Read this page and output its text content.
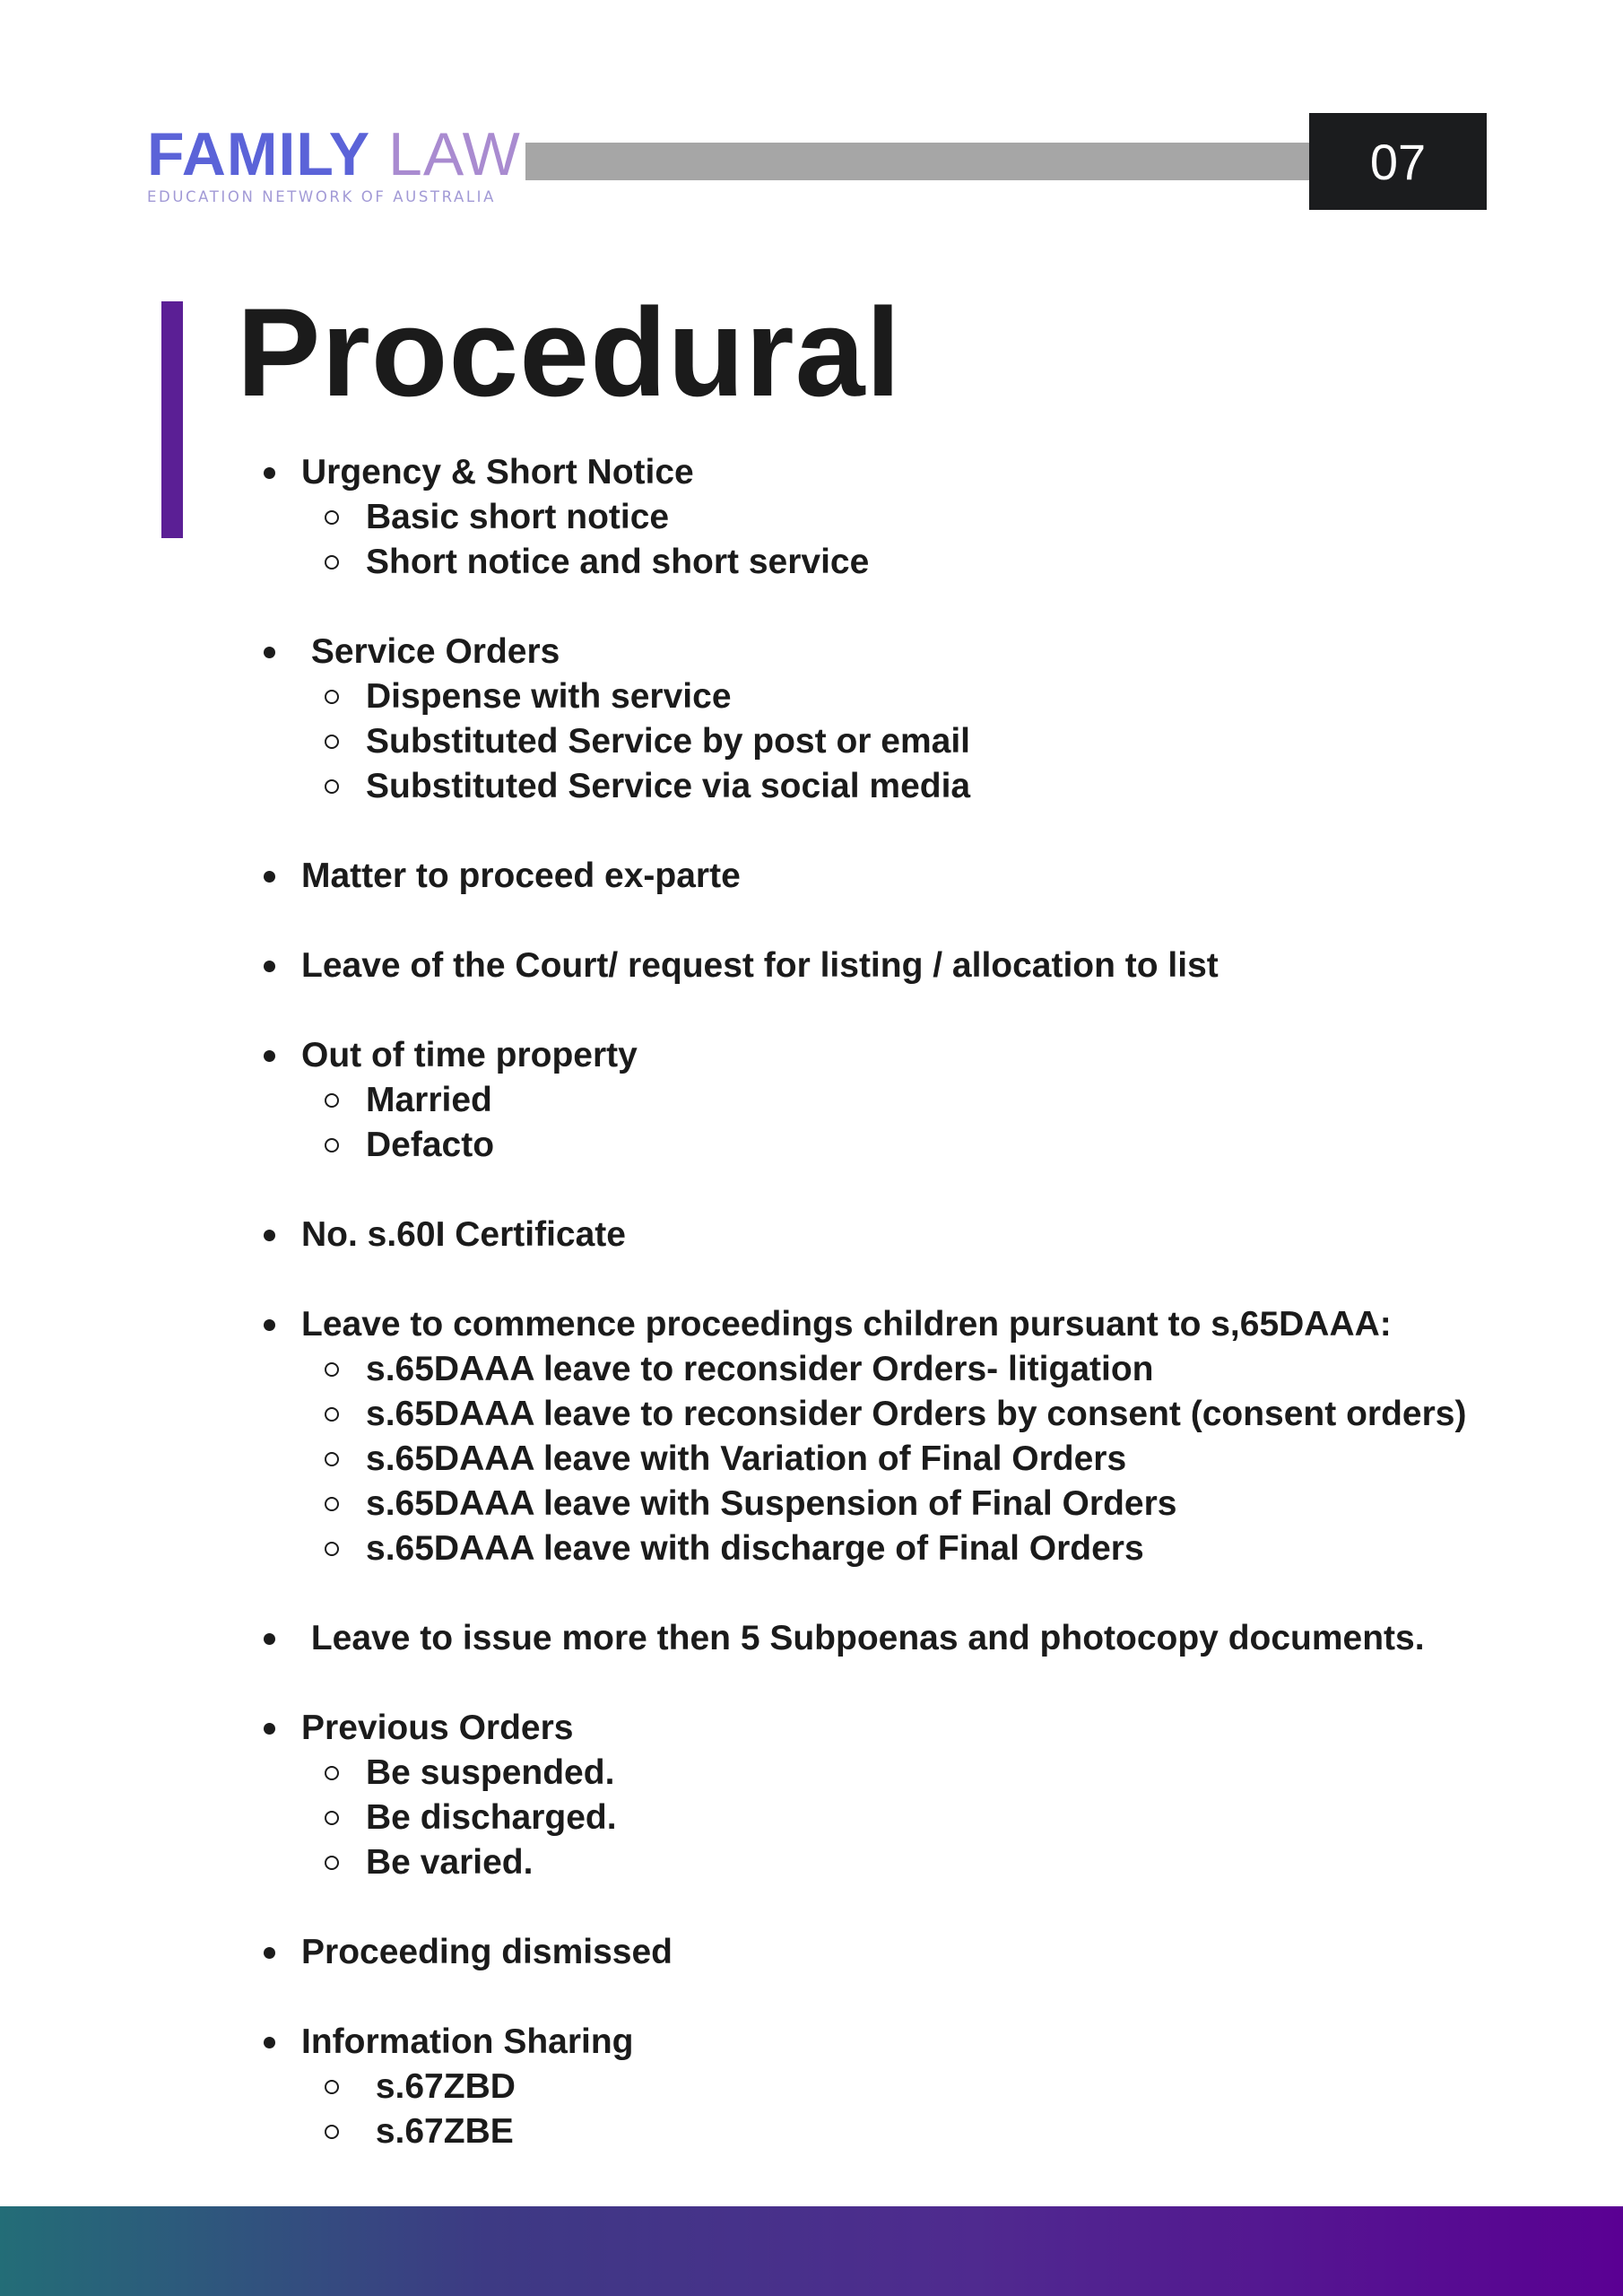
FAMILY LAW
EDUCATION NETWORK OF AUSTRALIA
07
Procedural
Urgency & Short Notice
Basic short notice
Short notice and short service
Service Orders
Dispense with service
Substituted Service by post or email
Substituted Service via social media
Matter to proceed ex-parte
Leave of the Court/ request for listing / allocation to list
Out of time property
Married
Defacto
No. s.60I Certificate
Leave to commence proceedings children pursuant to s,65DAAA:
s.65DAAA leave to reconsider Orders- litigation
s.65DAAA leave to reconsider Orders by consent (consent orders)
s.65DAAA leave with Variation of Final Orders
s.65DAAA leave with Suspension of Final Orders
s.65DAAA leave with discharge of Final Orders
Leave to issue more then 5 Subpoenas and photocopy documents.
Previous Orders
Be suspended.
Be discharged.
Be varied.
Proceeding dismissed
Information Sharing
s.67ZBD
s.67ZBE
